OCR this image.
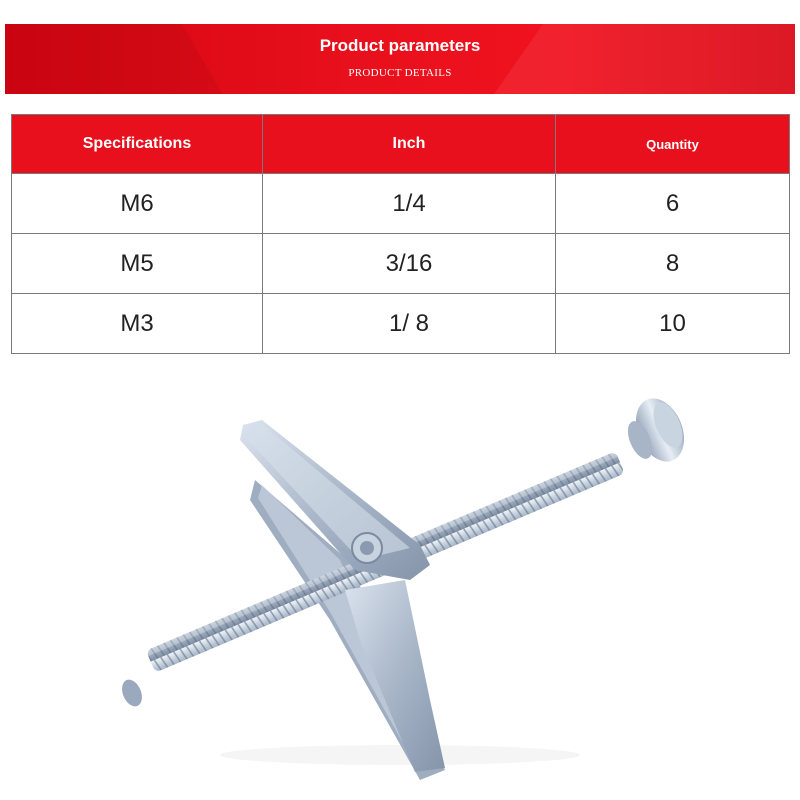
Product parameters
PRODUCT DETAILS
Specifications	Inch	Quantity
M6	1/4	6
M5	3/16	8
M3	1/ 8	10
